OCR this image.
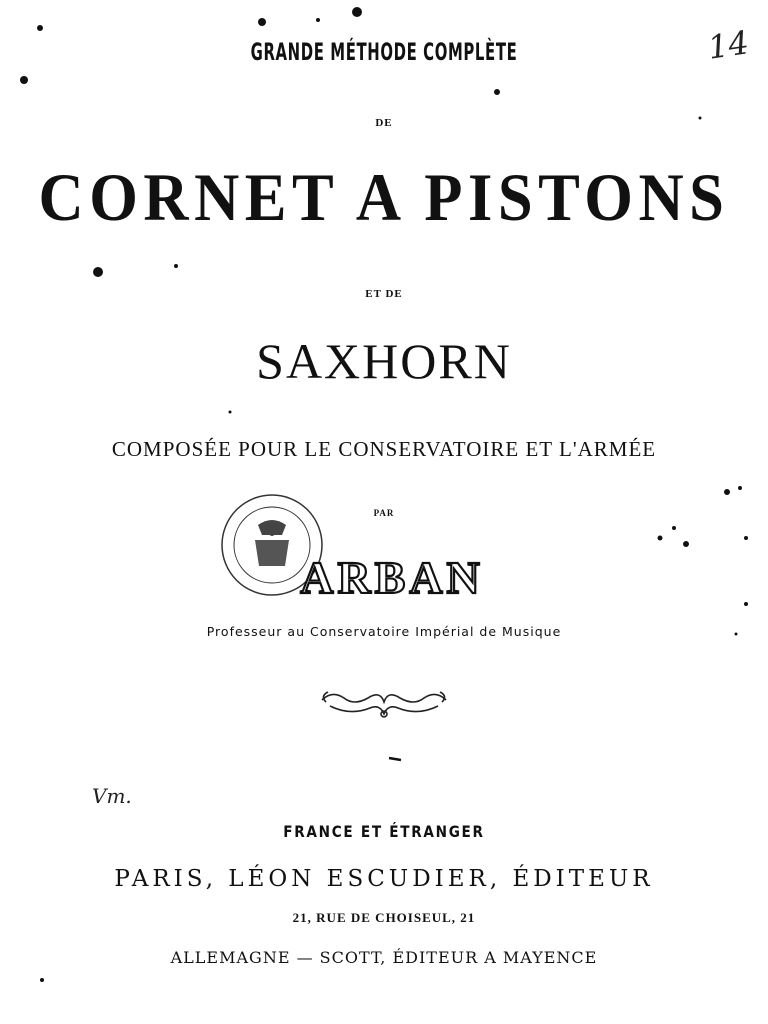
GRANDE MÉTHODE COMPLÈTE
DE
CORNET A PISTONS
ET DE
SAXHORN
COMPOSÉE POUR LE CONSERVATOIRE ET L'ARMÉE
PAR
ARBAN
Professeur au Conservatoire Impérial de Musique
FRANCE ET ÉTRANGER
PARIS, LÉON ESCUDIER, ÉDITEUR
21, RUE DE CHOISEUL, 21
ALLEMAGNE — SCOTT, ÉDITEUR A MAYENCE
14
Vm.
